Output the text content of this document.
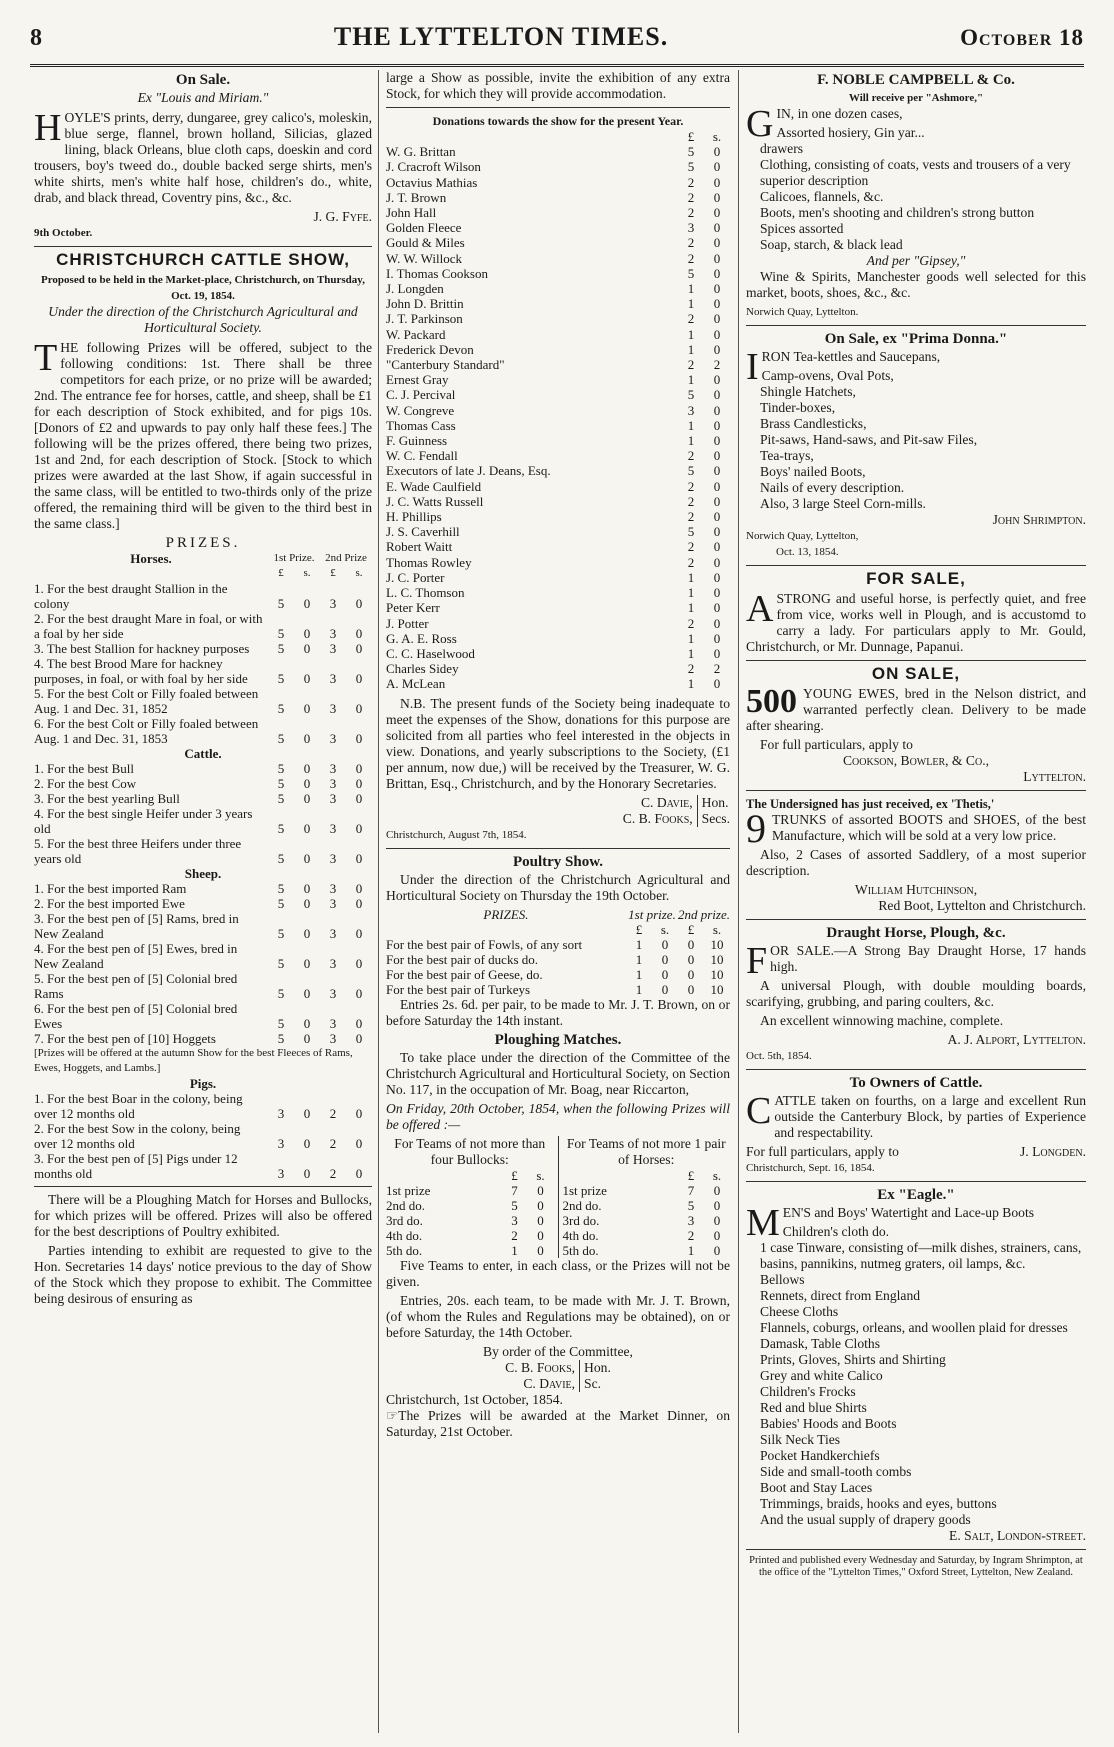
8	THE LYTTELTON TIMES.	October 18
On Sale.
Ex "Louis and Miriam."

HOYLE'S prints, derry, dungaree, grey calico's, moleskin, blue serge, flannel, brown holland, Silicias, glazed lining, black Orleans, blue cloth caps, doeskin and cord trousers, boy's tweed do., double backed serge shirts, men's white shirts, men's white half hose, children's do., white, drab, and black thread, Coventry pins, &c., &c.

J. G. Fyfe.
9th October.
CHRISTCHURCH CATTLE SHOW,
Proposed to be held in the Market-place, Christchurch, on Thursday, Oct. 19, 1854.
Under the direction of the Christchurch Agricultural and Horticultural Society.

THE following Prizes will be offered, subject to the following conditions: 1st. There shall be three competitors for each prize, or no prize will be awarded; 2nd. The entrance fee for horses, cattle, and sheep, shall be £1 for each description of Stock exhibited, and for pigs 10s. [Donors of £2 and upwards to pay only half these fees.] The following will be the prizes offered, there being two prizes, 1st and 2nd, for each description of Stock. [Stock to which prizes were awarded at the last Show, if again successful in the same class, will be entitled to two-thirds only of the prize offered, the remaining third will be given to the third best in the same class.]

PRIZES.
Horses.	1st Prize.		2nd Prize	
	£	s.	£	s.
1. For the best draught Stallion in the colony	5	0	3	0
2. For the best draught Mare in foal, or with a foal by her side	5	0	3	0
3. The best Stallion for hackney purposes	5	0	3	0
4. The best Brood Mare for hackney purposes, in foal, or with foal by her side	5	0	3	0
5. For the best Colt or Filly foaled between Aug. 1 and Dec. 31, 1852	5	0	3	0
6. For the best Colt or Filly foaled between Aug. 1 and Dec. 31, 1853	5	0	3	0
Cattle.				
1. For the best Bull	5	0	3	0
2. For the best Cow	5	0	3	0
3. For the best yearling Bull	5	0	3	0
4. For the best single Heifer under 3 years old	5	0	3	0
5. For the best three Heifers under three years old	5	0	3	0
Sheep.				
1. For the best imported Ram	5	0	3	0
2. For the best imported Ewe	5	0	3	0
3. For the best pen of [5] Rams, bred in New Zealand	5	0	3	0
4. For the best pen of [5] Ewes, bred in New Zealand	5	0	3	0
5. For the best pen of [5] Colonial bred Rams	5	0	3	0
6. For the best pen of [5] Colonial bred Ewes	5	0	3	0
7. For the best pen of [10] Hoggets	5	0	3	0
[Prizes will be offered at the autumn Show for the best Fleeces of Rams, Ewes, Hoggets, and Lambs.]				
Pigs.				
1. For the best Boar in the colony, being over 12 months old	3	0	2	0
2. For the best Sow in the colony, being over 12 months old	3	0	2	0
3. For the best pen of [5] Pigs under 12 months old	3	0	2	0

There will be a Ploughing Match for Horses and Bullocks, for which prizes will be offered. Prizes will also be offered for the best descriptions of Poultry exhibited.

Parties intending to exhibit are requested to give to the Hon. Secretaries 14 days' notice previous to the day of Show of the Stock which they propose to exhibit. The Committee being desirous of ensuring as

large a Show as possible, invite the exhibition of any extra Stock, for which they will provide accommodation.

Donations towards the show for the present Year.
	£	s.
W. G. Brittan	5	0
J. Cracroft Wilson	5	0
Octavius Mathias	2	0
J. T. Brown	2	0
John Hall	2	0
Golden Fleece	3	0
Gould & Miles	2	0
W. W. Willock	2	0
I. Thomas Cookson	5	0
J. Longden	1	0
John D. Brittin	1	0
J. T. Parkinson	2	0
W. Packard	1	0
Frederick Devon	1	0
"Canterbury Standard"	2	2
Ernest Gray	1	0
C. J. Percival	5	0
W. Congreve	3	0
Thomas Cass	1	0
F. Guinness	1	0
W. C. Fendall	2	0
Executors of late J. Deans, Esq.	5	0
E. Wade Caulfield	2	0
J. C. Watts Russell	2	0
H. Phillips	2	0
J. S. Caverhill	5	0
Robert Waitt	2	0
Thomas Rowley	2	0
J. C. Porter	1	0
L. C. Thomson	1	0
Peter Kerr	1	0
J. Potter	2	0
G. A. E. Ross	1	0
C. C. Haselwood	1	0
Charles Sidey	2	2
A. McLean	1	0

N.B. The present funds of the Society being inadequate to meet the expenses of the Show, donations for this purpose are solicited from all parties who feel interested in the objects in view. Donations, and yearly subscriptions to the Society, (£1 per annum, now due,) will be received by the Treasurer, W. G. Brittan, Esq., Christchurch, and by the Honorary Secretaries.

C. Davie,
C. B. Fooks,
Hon.
Secs.
Christchurch, August 7th, 1854.
Poultry Show.

Under the direction of the Christchurch Agricultural and Horticultural Society on Thursday the 19th October.

PRIZES.	1st prize.		2nd prize.	
	£	s.	£	s.
For the best pair of Fowls, of any sort	1	0	0	10
For the best pair of ducks do.	1	0	0	10
For the best pair of Geese, do.	1	0	0	10
For the best pair of Turkeys	1	0	0	10

Entries 2s. 6d. per pair, to be made to Mr. J. T. Brown, on or before Saturday the 14th instant.

Ploughing Matches.

To take place under the direction of the Committee of the Christchurch Agricultural and Horticultural Society, on Section No. 117, in the occupation of Mr. Boag, near Riccarton,

On Friday, 20th October, 1854, when the following Prizes will be offered :—

For Teams of not more than four Bullocks:
	£	s.
1st prize	7	0
2nd do.	5	0
3rd do.	3	0
4th do.	2	0
5th do.	1	0
For Teams of not more 1 pair of Horses:
	£	s.
1st prize	7	0
2nd do.	5	0
3rd do.	3	0
4th do.	2	0
5th do.	1	0

Five Teams to enter, in each class, or the Prizes will not be given.

Entries, 20s. each team, to be made with Mr. J. T. Brown, (of whom the Rules and Regulations may be obtained), on or before Saturday, the 14th October.

By order of the Committee,
C. B. Fooks,
C. Davie,
Hon.
Sc.
Christchurch, 1st October, 1854.

☞The Prizes will be awarded at the Market Dinner, on Saturday, 21st October.

F. NOBLE CAMPBELL & Co.
Will receive per "Ashmore,"

GIN, in one dozen cases,

Assorted hosiery, Gin yar...
drawers
Clothing, consisting of coats, vests and trousers of a very superior description
Calicoes, flannels, &c.
Boots, men's shooting and children's strong button
Spices assorted
Soap, starch, & black lead
And per "Gipsey,"

Wine & Spirits, Manchester goods well selected for this market, boots, shoes, &c., &c.

Norwich Quay, Lyttelton.
On Sale, ex "Prima Donna."

IRON Tea-kettles and Saucepans,

Camp-ovens, Oval Pots,
Shingle Hatchets,
Tinder-boxes,
Brass Candlesticks,
Pit-saws, Hand-saws, and Pit-saw Files,
Tea-trays,
Boys' nailed Boots,
Nails of every description.
Also, 3 large Steel Corn-mills.
John Shrimpton.
Norwich Quay, Lyttelton,
Oct. 13, 1854.
FOR SALE,

ASTRONG and useful horse, is perfectly quiet, and free from vice, works well in Plough, and is accustomd to carry a lady. For particulars apply to Mr. Gould, Christchurch, or Mr. Dunnage, Papanui.

ON SALE,

500 YOUNG EWES, bred in the Nelson district, and warranted perfectly clean. Delivery to be made after shearing.

For full particulars, apply to
Cookson, Bowler, & Co.,
Lyttelton.
The Undersigned has just received, ex 'Thetis,'

9 TRUNKS of assorted BOOTS and SHOES, of the best Manufacture, which will be sold at a very low price.

Also, 2 Cases of assorted Saddlery, of a most superior description.

William Hutchinson,
Red Boot, Lyttelton and Christchurch.
Draught Horse, Plough, &c.

FOR SALE.—A Strong Bay Draught Horse, 17 hands high.

A universal Plough, with double moulding boards, scarifying, grubbing, and paring coulters, &c.

An excellent winnowing machine, complete.

A. J. Alport, Lyttelton.
Oct. 5th, 1854.
To Owners of Cattle.

CATTLE taken on fourths, on a large and excellent Run outside the Canterbury Block, by parties of Experience and respectability.

For full particulars, apply to	J. Longden.
Christchurch, Sept. 16, 1854.
Ex "Eagle."

MEN'S and Boys' Watertight and Lace-up Boots

Children's cloth do.
1 case Tinware, consisting of—milk dishes, strainers, cans, basins, pannikins, nutmeg graters, oil lamps, &c.
Bellows
Rennets, direct from England
Cheese Cloths
Flannels, coburgs, orleans, and woollen plaid for dresses
Damask, Table Cloths
Prints, Gloves, Shirts and Shirting
Grey and white Calico
Children's Frocks
Red and blue Shirts
Babies' Hoods and Boots
Silk Neck Ties
Pocket Handkerchiefs
Side and small-tooth combs
Boot and Stay Laces
Trimmings, braids, hooks and eyes, buttons
And the usual supply of drapery goods
E. Salt, London-street.

Printed and published every Wednesday and Saturday, by Ingram Shrimpton, at the office of the "Lyttelton Times," Oxford Street, Lyttelton, New Zealand.
